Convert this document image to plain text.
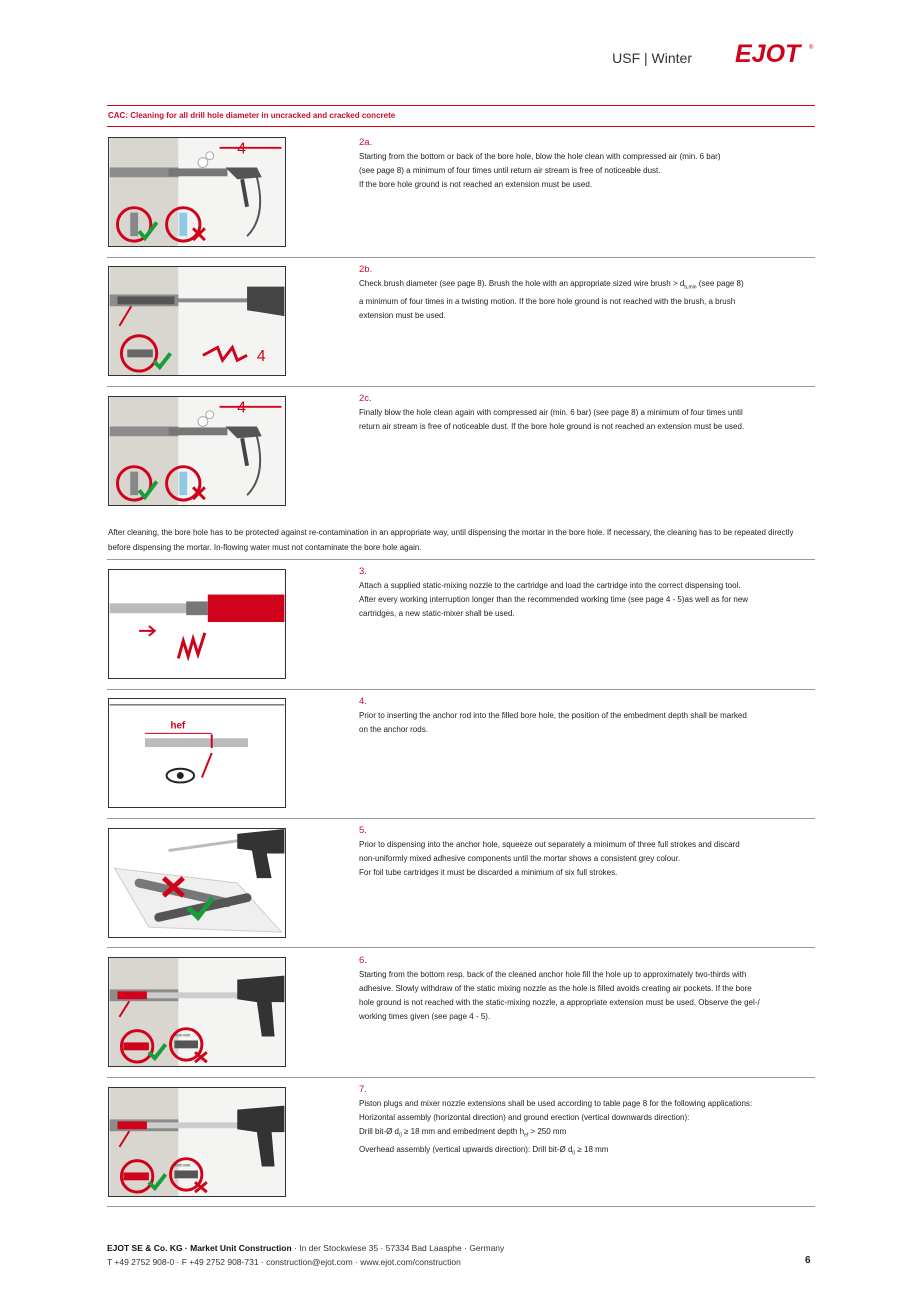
USF | Winter EJOT	®
CAC: Cleaning for all drill hole diameter in uncracked and cracked concrete
4	2a.

Starting from the bottom or back of the bore hole, blow the hole clean with compressed air (min. 6 bar)

(see page 8) a minimum of four times until return air stream is free of noticeable dust.

If the bore hole ground is not reached an extension must be used.

4
2b.

Check brush diameter (see page 8). Brush the hole with an appropriate sized wire brush > $d_{b,min}$ (see page 8)

a minimum of four times in a twisting motion. If the bore hole ground is not reached with the brush, a brush

extension must be used.

4
2c.

Finally blow the hole clean again with compressed air (min. 6 bar) (see page 8) a minimum of four times until

return air stream is free of noticeable dust. If the bore hole ground is not reached an extension must be used.

After cleaning, the bore hole has to be protected against re-contamination in an appropriate way, until dispensing the mortar in the bore hole. If necessary, the cleaning has to be repeated directly before dispensing the mortar. In-flowing water must not contaminate the bore hole again.
3.

Attach a supplied static-mixing nozzle to the cartridge and load the cartridge into the correct dispensing tool.

After every working interruption longer than the recommended working time (see page 4 - 5)as well as for new

cartridges, a new static-mixer shall be used.

hef
4.

Prior to inserting the anchor rod into the filled bore hole, the position of the embedment depth shall be marked

on the anchor rods.

5.

Prior to dispensing into the anchor hole, squeeze out separately a minimum of three full strokes and discard

non-uniformly mixed adhesive components until the mortar shows a consistent grey colour.

For foil tube cartridges it must be discarded a minimum of six full strokes.

MIX MIX
6.

Starting from the bottom resp. back of the cleaned anchor hole fill the hole up to approximately two-thirds with

adhesive. Slowly withdraw of the static mixing nozzle as the hole is filled avoids creating air pockets. If the bore

hole ground is not reached with the static-mixing nozzle, a appropriate extension must be used. Observe the gel-/

working times given (see page 4 - 5).

MIX MIX
7.

Piston plugs and mixer nozzle extensions shall be used according to table page 8 for the following applications:

Horizontal assembly (horizontal direction) and ground erection (vertical downwards direction):

Drill bit-Ø $d_0 \ge 18$ mm and embedment depth $h_{ef} > 250$ mm

Overhead assembly (vertical upwards direction): Drill bit-Ø $d_0 \ge 18$ mm

EJOT SE & Co. KG · Market Unit Construction · In der Stockwiese 35 · 57334 Bad Laasphe · Germany
T +49 2752 908-0 · F +49 2752 908-731 · construction@ejot.com · www.ejot.com/construction	6
